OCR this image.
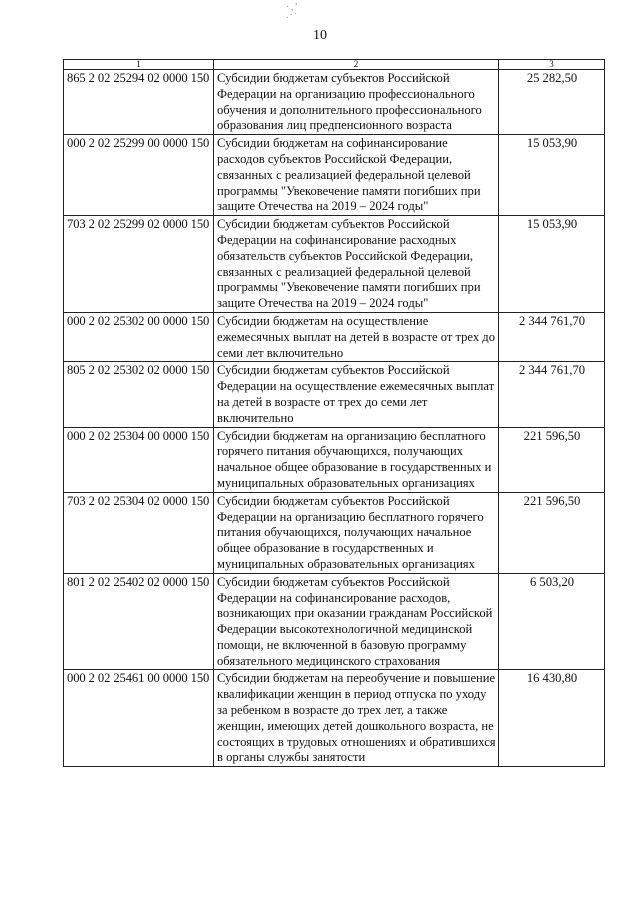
·‚ʼ
.·ˑ
10
1	2	3
865 2 02 25294 02 0000 150	Субсидии бюджетам субъектов Российской Федерации на организацию профессионального обучения и дополнительного профессионального образования лиц предпенсионного возраста	25 282,50
000 2 02 25299 00 0000 150	Субсидии бюджетам на софинансирование расходов субъектов Российской Федерации, связанных с реализацией федеральной целевой программы "Увековечение памяти погибших при защите Отечества на 2019 – 2024 годы"	15 053,90
703 2 02 25299 02 0000 150	Субсидии бюджетам субъектов Российской Федерации на софинансирование расходных обязательств субъектов Российской Федерации, связанных с реализацией федеральной целевой программы "Увековечение памяти погибших при защите Отечества на 2019 – 2024 годы"	15 053,90
000 2 02 25302 00 0000 150	Субсидии бюджетам на осуществление ежемесячных выплат на детей в возрасте от трех до семи лет включительно	2 344 761,70
805 2 02 25302 02 0000 150	Субсидии бюджетам субъектов Российской Федерации на осуществление ежемесячных выплат на детей в возрасте от трех до семи лет включительно	2 344 761,70
000 2 02 25304 00 0000 150	Субсидии бюджетам на организацию бесплатного горячего питания обучающихся, получающих начальное общее образование в государственных и муниципальных образовательных организациях	221 596,50
703 2 02 25304 02 0000 150	Субсидии бюджетам субъектов Российской Федерации на организацию бесплатного горячего питания обучающихся, получающих начальное общее образование в государственных и муниципальных образовательных организациях	221 596,50
801 2 02 25402 02 0000 150	Субсидии бюджетам субъектов Российской Федерации на софинансирование расходов, возникающих при оказании гражданам Российской Федерации высокотехнологичной медицинской помощи, не включенной в базовую программу обязательного медицинского страхования	6 503,20
000 2 02 25461 00 0000 150	Субсидии бюджетам на переобучение и повышение квалификации женщин в период отпуска по уходу за ребенком в возрасте до трех лет, а также женщин, имеющих детей дошкольного возраста, не состоящих в трудовых отношениях и обратившихся в органы службы занятости	16 430,80
